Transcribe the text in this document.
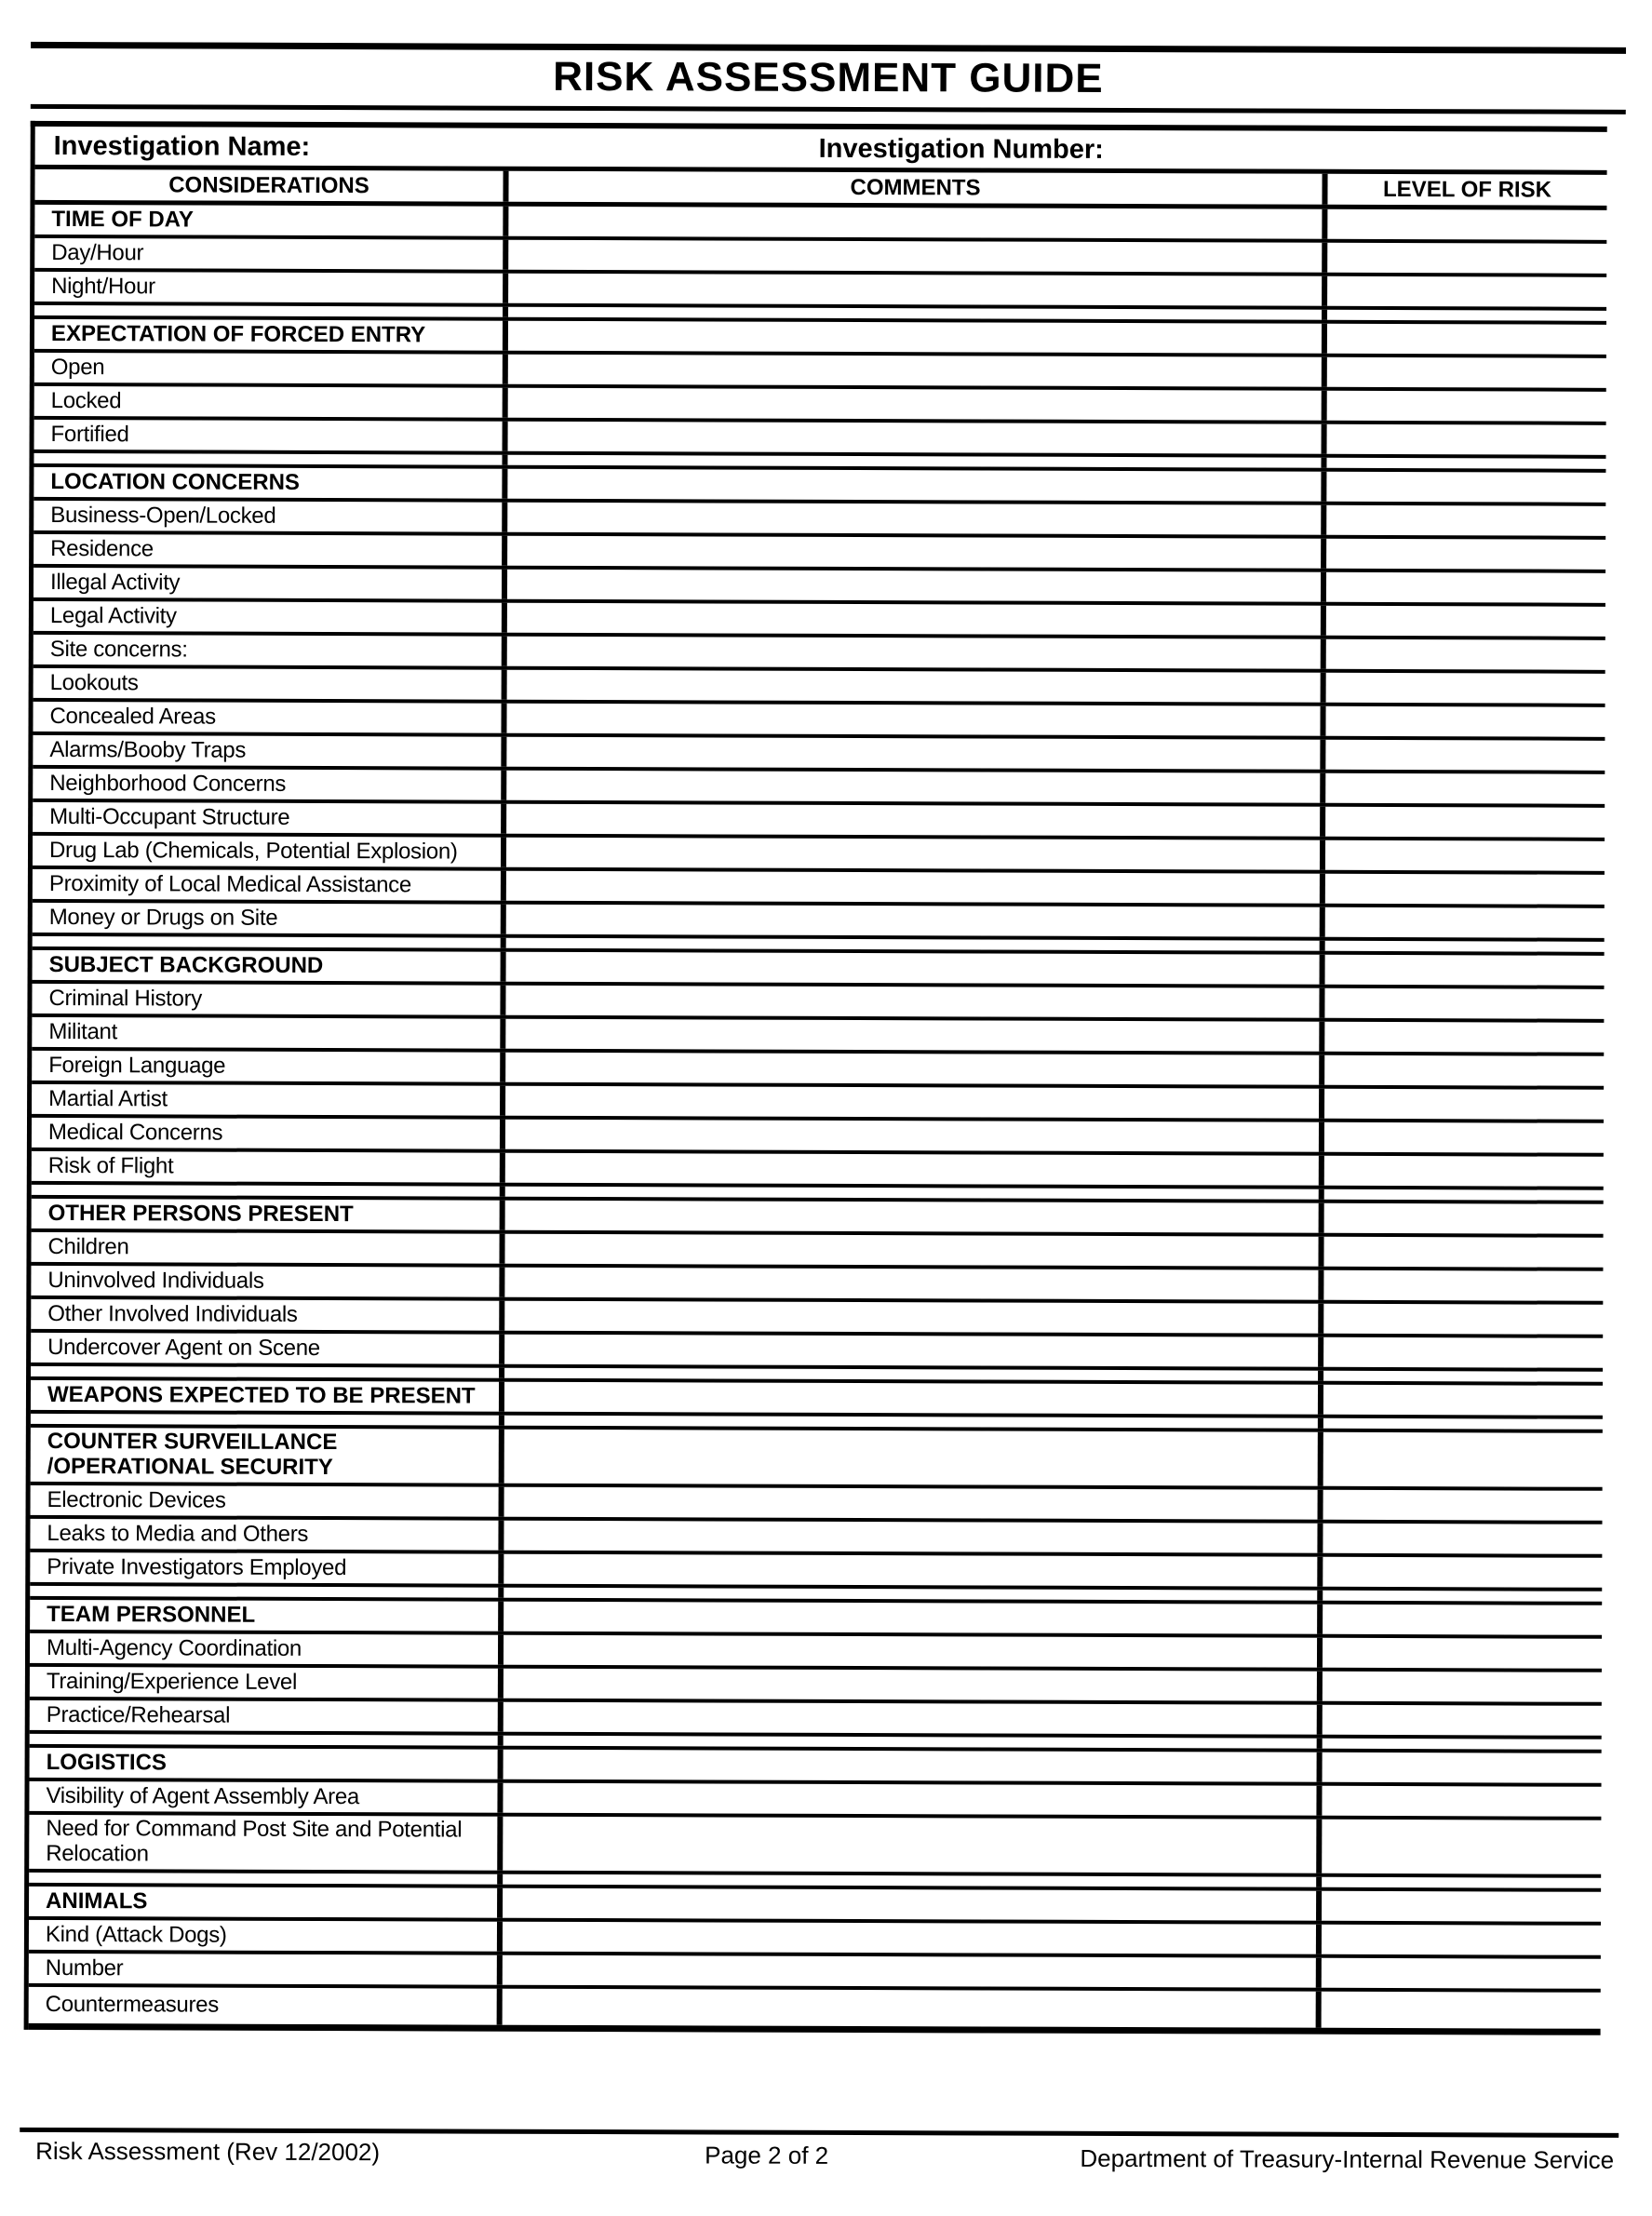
RISK ASSESSMENT GUIDE
Investigation Name:	Investigation Number:
CONSIDERATIONS	COMMENTS	LEVEL OF RISK
TIME OF DAY
Day/Hour
Night/Hour
EXPECTATION OF FORCED ENTRY
Open
Locked
Fortified
LOCATION CONCERNS
Business-Open/Locked
Residence
Illegal Activity
Legal Activity
Site concerns:
Lookouts
Concealed Areas
Alarms/Booby Traps
Neighborhood Concerns
Multi-Occupant Structure
Drug Lab (Chemicals, Potential Explosion)
Proximity of Local Medical Assistance
Money or Drugs on Site
SUBJECT BACKGROUND
Criminal History
Militant
Foreign Language
Martial Artist
Medical Concerns
Risk of Flight
OTHER PERSONS PRESENT
Children
Uninvolved Individuals
Other Involved Individuals
Undercover Agent on Scene
WEAPONS EXPECTED TO BE PRESENT
COUNTER SURVEILLANCE /OPERATIONAL SECURITY
Electronic Devices
Leaks to Media and Others
Private Investigators Employed
TEAM PERSONNEL
Multi-Agency Coordination
Training/Experience Level
Practice/Rehearsal
LOGISTICS
Visibility of Agent Assembly Area
Need for Command Post Site and Potential Relocation
ANIMALS
Kind (Attack Dogs)
Number
Countermeasures
Risk Assessment (Rev 12/2002)	Page 2 of 2	Department of Treasury-Internal Revenue Service
